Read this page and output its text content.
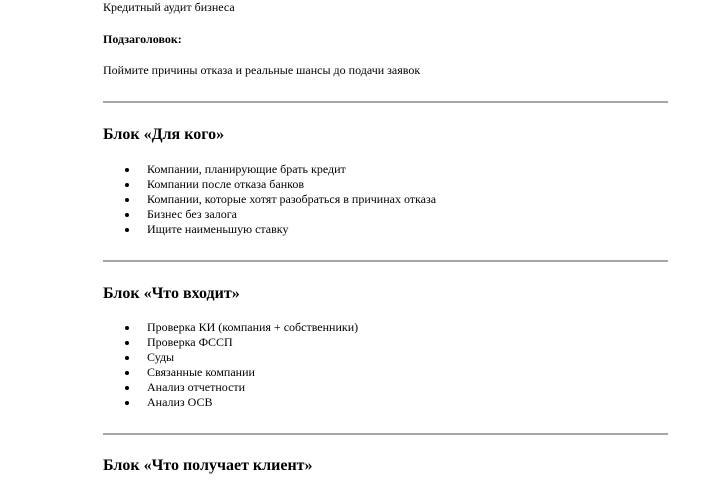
Кредитный аудит бизнеса
Подзаголовок:
Поймите причины отказа и реальные шансы до подачи заявок
Блок «Для кого»
Компании, планирующие брать кредит
Компании после отказа банков
Компании, которые хотят разобраться в причинах отказа
Бизнес без залога
Ищите наименьшую ставку
Блок «Что входит»
Проверка КИ (компания + собственники)
Проверка ФССП
Суды
Связанные компании
Анализ отчетности
Анализ ОСВ
Блок «Что получает клиент»
